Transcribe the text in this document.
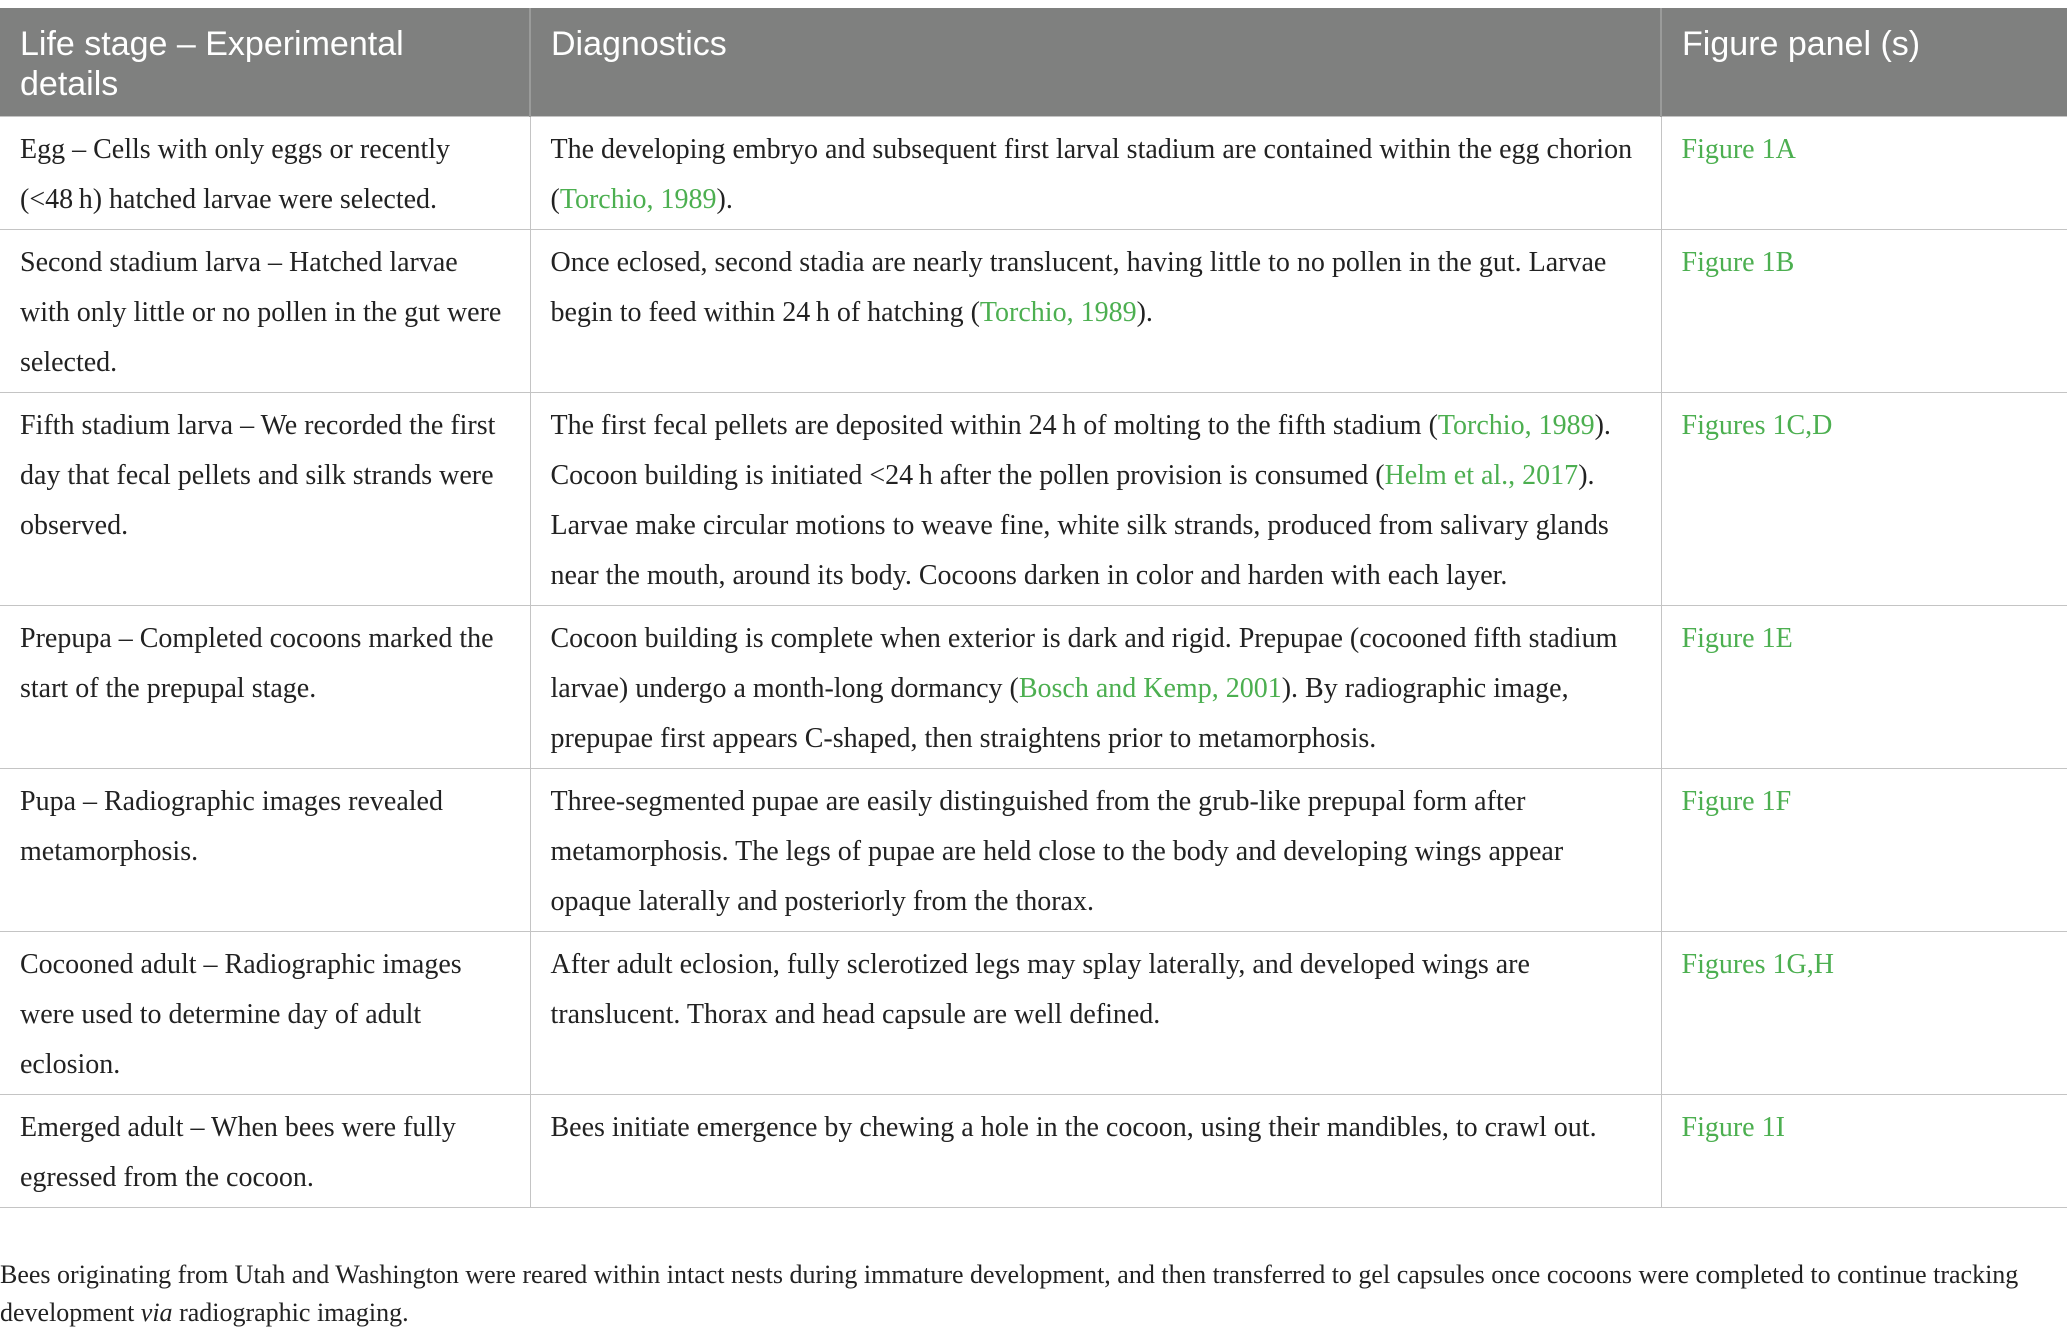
Life stage – Experimental details	Diagnostics	Figure panel (s)
Egg – Cells with only eggs or recently (<48 h) hatched larvae were selected.	The developing embryo and subsequent first larval stadium are contained within the egg chorion (Torchio, 1989).	Figure 1A
Second stadium larva – Hatched larvae with only little or no pollen in the gut were selected.	Once eclosed, second stadia are nearly translucent, having little to no pollen in the gut. Larvae begin to feed within 24 h of hatching (Torchio, 1989).	Figure 1B
Fifth stadium larva – We recorded the first day that fecal pellets and silk strands were observed.	The first fecal pellets are deposited within 24 h of molting to the fifth stadium (Torchio, 1989). Cocoon building is initiated <24 h after the pollen provision is consumed (Helm et al., 2017). Larvae make circular motions to weave fine, white silk strands, produced from salivary glands near the mouth, around its body. Cocoons darken in color and harden with each layer.	Figures 1C,D
Prepupa – Completed cocoons marked the start of the prepupal stage.	Cocoon building is complete when exterior is dark and rigid. Prepupae (cocooned fifth stadium larvae) undergo a month-long dormancy (Bosch and Kemp, 2001). By radiographic image, prepupae first appears C-shaped, then straightens prior to metamorphosis.	Figure 1E
Pupa – Radiographic images revealed metamorphosis.	Three-segmented pupae are easily distinguished from the grub-like prepupal form after metamorphosis. The legs of pupae are held close to the body and developing wings appear opaque laterally and posteriorly from the thorax.	Figure 1F
Cocooned adult – Radiographic images were used to determine day of adult eclosion.	After adult eclosion, fully sclerotized legs may splay laterally, and developed wings are translucent. Thorax and head capsule are well defined.	Figures 1G,H
Emerged adult – When bees were fully egressed from the cocoon.	Bees initiate emergence by chewing a hole in the cocoon, using their mandibles, to crawl out.	Figure 1I
Bees originating from Utah and Washington were reared within intact nests during immature development, and then transferred to gel capsules once cocoons were completed to continue tracking development via radiographic imaging.
